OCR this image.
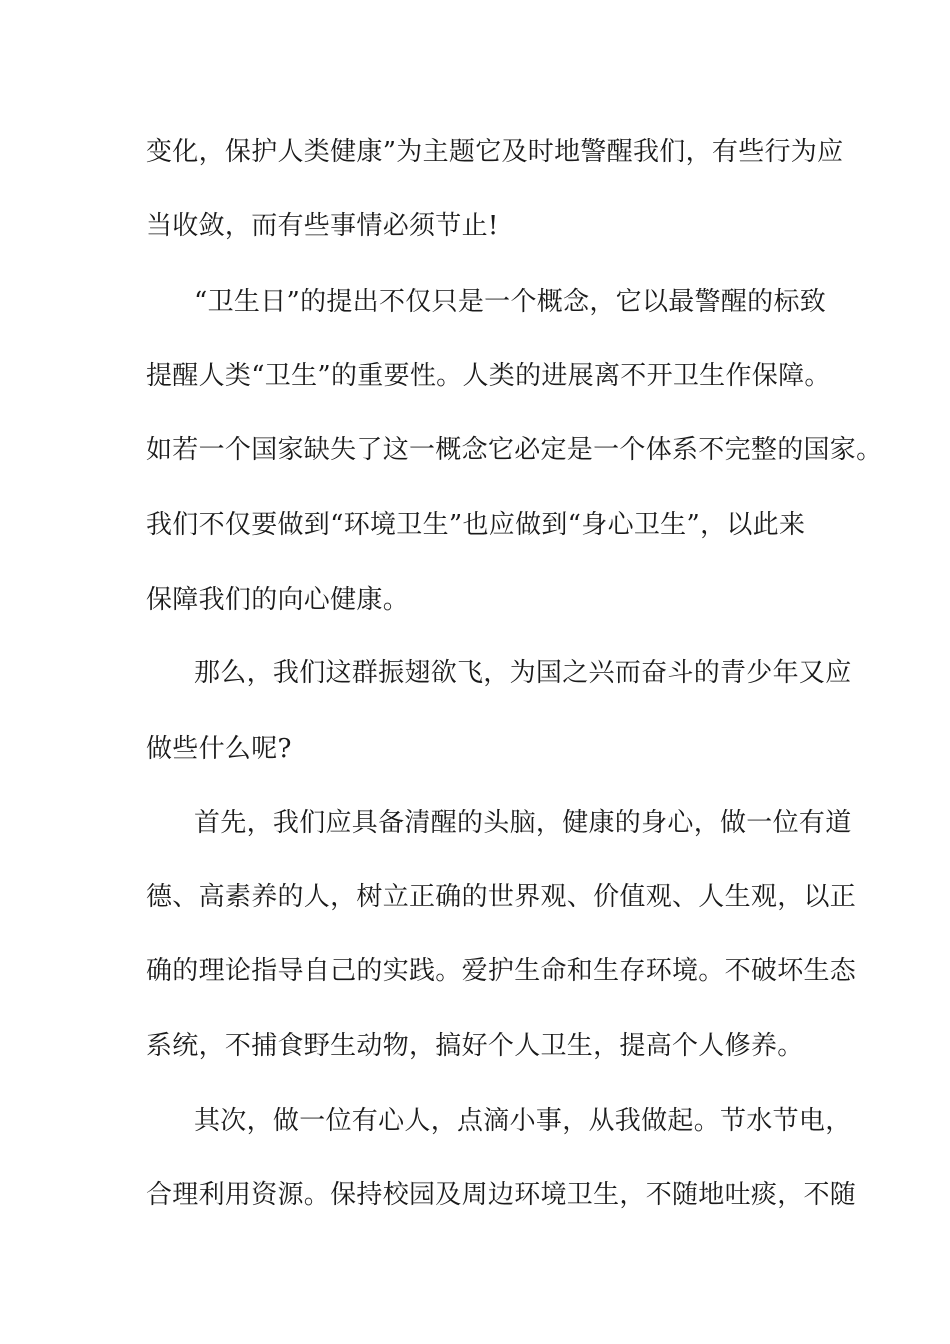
变化，保护人类健康”为主题它及时地警醒我们，有些行为应
当收敛，而有些事情必须节止!
“卫生日”的提出不仅只是一个概念，它以最警醒的标致
提醒人类“卫生”的重要性。人类的进展离不开卫生作保障。
如若一个国家缺失了这一概念它必定是一个体系不完整的国家。
我们不仅要做到“环境卫生”也应做到“身心卫生”，以此来
保障我们的向心健康。
那么，我们这群振翅欲飞，为国之兴而奋斗的青少年又应
做些什么呢?
首先，我们应具备清醒的头脑，健康的身心，做一位有道
德、高素养的人，树立正确的世界观、价值观、人生观，以正
确的理论指导自己的实践。爱护生命和生存环境。不破坏生态
系统，不捕食野生动物，搞好个人卫生，提高个人修养。
其次，做一位有心人，点滴小事，从我做起。节水节电，
合理利用资源。保持校园及周边环境卫生，不随地吐痰，不随
